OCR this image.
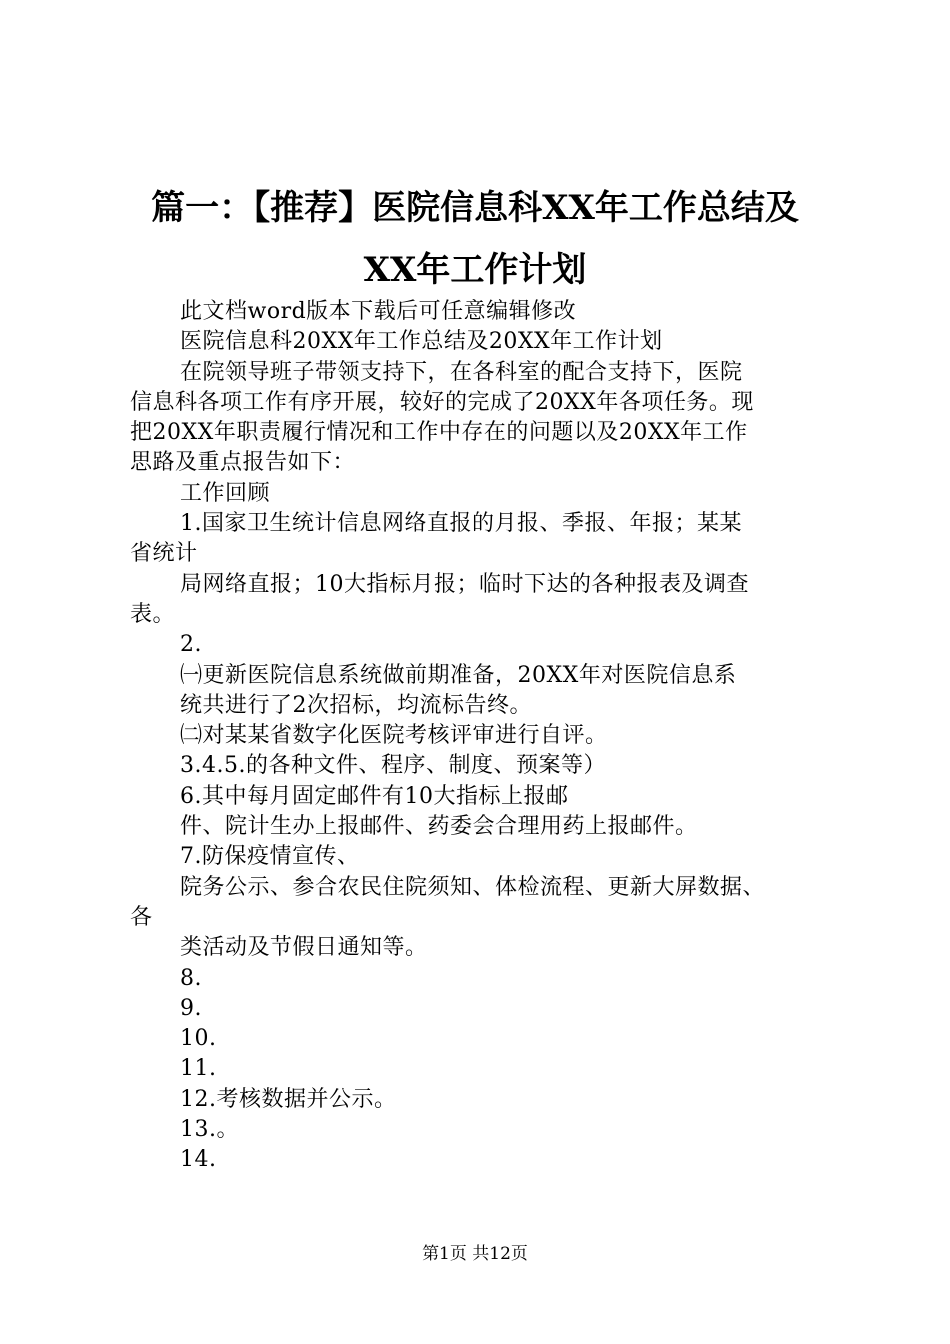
篇一：【推荐】医院信息科XX年工作总结及
XX年工作计划
此文档word版本下载后可任意编辑修改
医院信息科20XX年工作总结及20XX年工作计划
在院领导班子带领支持下，在各科室的配合支持下，医院
信息科各项工作有序开展，较好的完成了20XX年各项任务。现
把20XX年职责履行情况和工作中存在的问题以及20XX年工作
思路及重点报告如下：
工作回顾
1.国家卫生统计信息网络直报的月报、季报、年报；某某
省统计
局网络直报；10大指标月报；临时下达的各种报表及调查
表。
2.
㈠更新医院信息系统做前期准备，20XX年对医院信息系
统共进行了2次招标，均流标告终。
㈡对某某省数字化医院考核评审进行自评。
3.4.5.的各种文件、程序、制度、预案等）
6.其中每月固定邮件有10大指标上报邮
件、院计生办上报邮件、药委会合理用药上报邮件。
7.防保疫情宣传、
院务公示、参合农民住院须知、体检流程、更新大屏数据、
各
类活动及节假日通知等。
8.
9.
10.
11.
12.考核数据并公示。
13.。
14.
第1页 共12页
